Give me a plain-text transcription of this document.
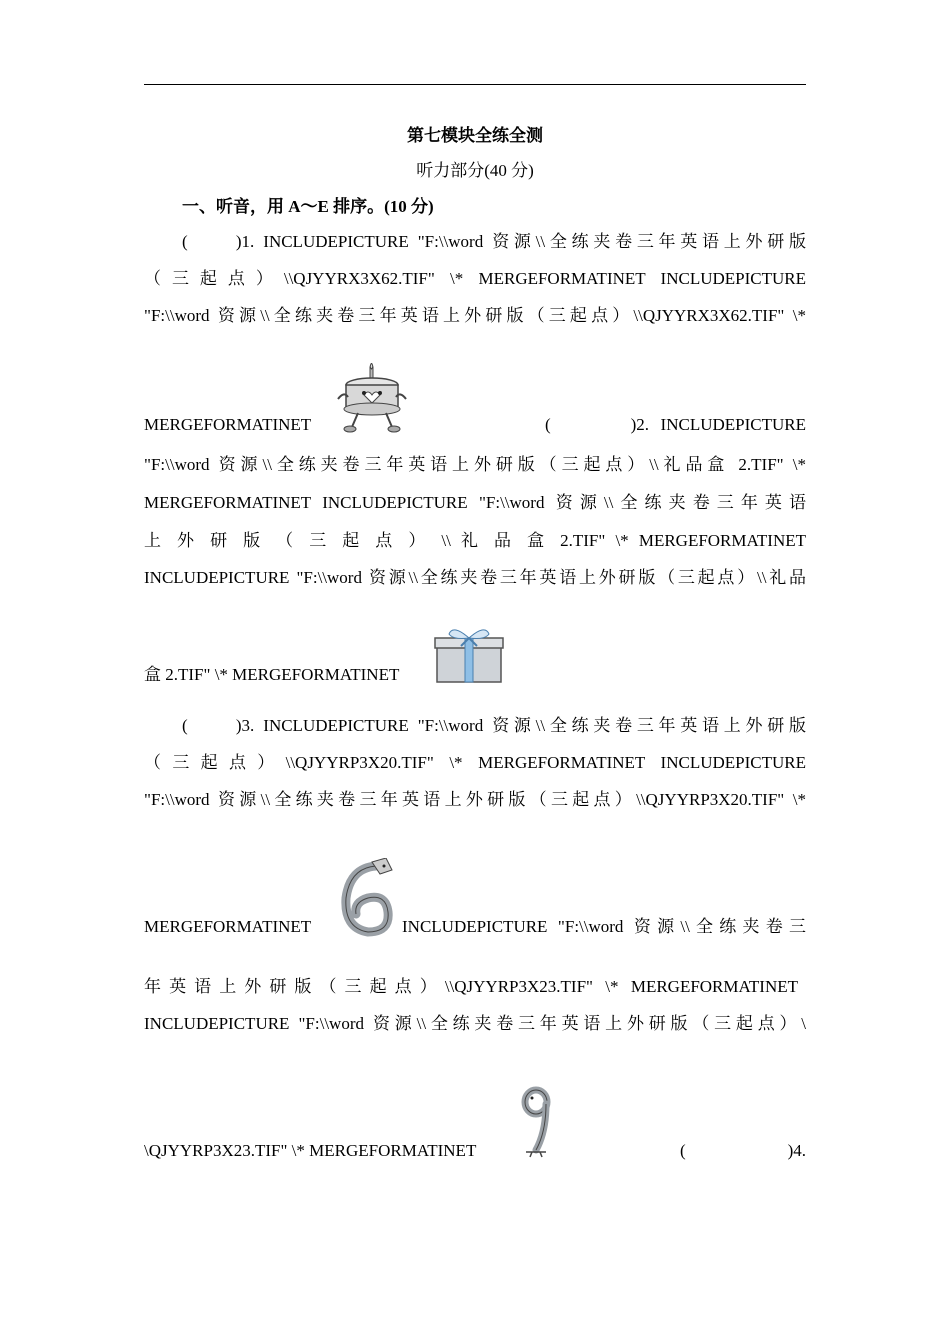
第七模块全练全测
听力部分(40 分)
一、听音，用 A～E 排序。(10 分)
(　　)1. INCLUDEPICTURE "F:\\word 资源\\全练夹卷三年英语上外研版
（三起点）\\QJYYRX3X62.TIF" \* MERGEFORMATINET INCLUDEPICTURE
"F:\\word 资源\\全练夹卷三年英语上外研版（三起点）\\QJYYRX3X62.TIF" \*
MERGEFORMATINET	(　　　)2. INCLUDEPICTURE
"F:\\word 资源\\全练夹卷三年英语上外研版（三起点）\\礼品盒 2.TIF" \*
MERGEFORMATINET INCLUDEPICTURE "F:\\word 资源\\全练夹卷三年英语
上 外 研 版 （ 三 起 点 ） \\ 礼 品 盒 2.TIF" \* MERGEFORMATINET
INCLUDEPICTURE "F:\\word 资源\\全练夹卷三年英语上外研版（三起点）\\礼品
盒 2.TIF" \* MERGEFORMATINET
(　　)3. INCLUDEPICTURE "F:\\word 资源\\全练夹卷三年英语上外研版
（三起点）\\QJYYRP3X20.TIF" \* MERGEFORMATINET INCLUDEPICTURE
"F:\\word 资源\\全练夹卷三年英语上外研版（三起点）\\QJYYRP3X20.TIF" \*
MERGEFORMATINET	INCLUDEPICTURE "F:\\word 资源\\全练夹卷三
年英语上外研版（三起点）\\QJYYRP3X23.TIF" \* MERGEFORMATINET
INCLUDEPICTURE "F:\\word 资源\\全练夹卷三年英语上外研版（三起点）\
\QJYYRP3X23.TIF" \* MERGEFORMATINET	(　　　　　)4.
